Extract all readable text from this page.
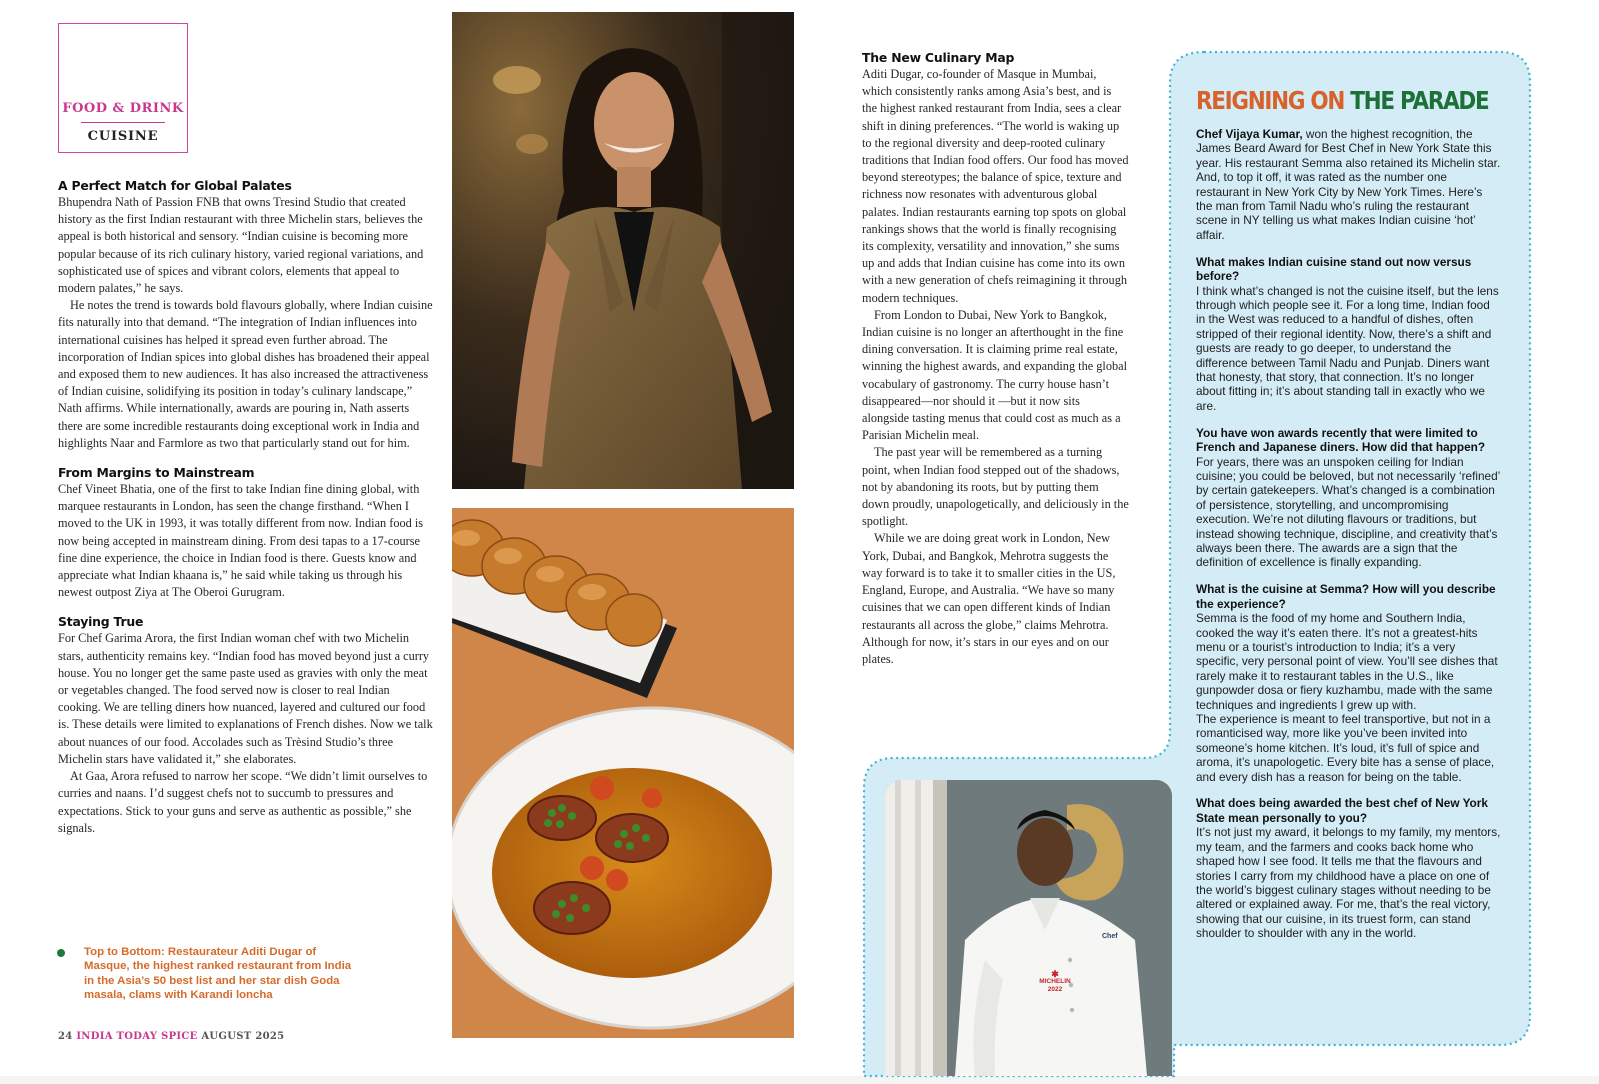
FOOD & DRINK
CUISINE
A Perfect Match for Global Palates

Bhupendra Nath of Passion FNB that owns Tresind Studio that created history as the first Indian restaurant with three Michelin stars, believes the appeal is both historical and sensory. “Indian cuisine is becoming more popular because of its rich culinary history, varied regional variations, and sophisticated use of spices and vibrant colors, elements that appeal to modern palates,” he says.

He notes the trend is towards bold flavours globally, where Indian cuisine fits naturally into that demand. “The integration of Indian influences into international cuisines has helped it spread even further abroad. The incorporation of Indian spices into global dishes has broadened their appeal and exposed them to new audiences. It has also increased the attractiveness of Indian cuisine, solidifying its position in today’s culinary landscape,” Nath affirms. While internationally, awards are pouring in, Nath asserts there are some incredible restaurants doing exceptional work in India and highlights Naar and Farmlore as two that particularly stand out for him.

From Margins to Mainstream

Chef Vineet Bhatia, one of the first to take Indian fine dining global, with marquee restaurants in London, has seen the change firsthand. “When I moved to the UK in 1993, it was totally different from now. Indian food is now being accepted in mainstream dining. From desi tapas to a 17-course fine dine experience, the choice in Indian food is there. Guests know and appreciate what Indian khaana is,” he said while taking us through his newest outpost Ziya at The Oberoi Gurugram.

Staying True

For Chef Garima Arora, the first Indian woman chef with two Michelin stars, authenticity remains key. “Indian food has moved beyond just a curry house. You no longer get the same paste used as gravies with only the meat or vegetables changed. The food served now is closer to real Indian cooking. We are telling diners how nuanced, layered and cultured our food is. These details were limited to explanations of French dishes. Now we talk about nuances of our food. Accolades such as Trèsind Studio’s three Michelin stars have validated it,” she elaborates.

At Gaa, Arora refused to narrow her scope. “We didn’t limit ourselves to curries and naans. I’d suggest chefs not to succumb to pressures and expectations. Stick to your guns and serve as authentic as possible,” she signals.

Top to Bottom: Restaurateur Aditi Dugar of Masque, the highest ranked restaurant from India in the Asia’s 50 best list and her star dish Goda masala, clams with Karandi loncha
24 INDIA TODAY SPICE AUGUST 2025
The New Culinary Map

Aditi Dugar, co-founder of Masque in Mumbai, which consistently ranks among Asia’s best, and is the highest ranked restaurant from India, sees a clear shift in dining preferences. “The world is waking up to the regional diversity and deep-rooted culinary traditions that Indian food offers. Our food has moved beyond stereotypes; the balance of spice, texture and richness now resonates with adventurous global palates. Indian restaurants earning top spots on global rankings shows that the world is finally recognising its complexity, versatility and innovation,” she sums up and adds that Indian cuisine has come into its own with a new generation of chefs reimagining it through modern techniques.

From London to Dubai, New York to Bangkok, Indian cuisine is no longer an afterthought in the fine dining conversation. It is claiming prime real estate, winning the highest awards, and expanding the global vocabulary of gastronomy. The curry house hasn’t disappeared—nor should it —but it now sits alongside tasting menus that could cost as much as a Parisian Michelin meal.

The past year will be remembered as a turning point, when Indian food stepped out of the shadows, not by abandoning its roots, but by putting them down proudly, unapologetically, and deliciously in the spotlight.

While we are doing great work in London, New York, Dubai, and Bangkok, Mehrotra suggests the way forward is to take it to smaller cities in the US, England, Europe, and Australia. “We have so many cuisines that we can open different kinds of Indian restaurants all across the globe,” claims Mehrotra. Although for now, it’s stars in our eyes and on our plates.

✱
MICHELIN
2022
Chef
REIGNING ON THE PARADE

Chef Vijaya Kumar, won the highest recognition, the James Beard Award for Best Chef in New York State this year. His restaurant Semma also retained its Michelin star. And, to top it off, it was rated as the number one restaurant in New York City by New York Times. Here’s the man from Tamil Nadu who’s ruling the restaurant scene in NY telling us what makes Indian cuisine ‘hot’ affair.

What makes Indian cuisine stand out now versus before?

I think what’s changed is not the cuisine itself, but the lens through which people see it. For a long time, Indian food in the West was reduced to a handful of dishes, often stripped of their regional identity. Now, there’s a shift and guests are ready to go deeper, to understand the difference between Tamil Nadu and Punjab. Diners want that honesty, that story, that connection. It’s no longer about fitting in; it’s about standing tall in exactly who we are.

You have won awards recently that were limited to French and Japanese diners. How did that happen?

For years, there was an unspoken ceiling for Indian cuisine; you could be beloved, but not necessarily ‘refined’ by certain gatekeepers. What’s changed is a combination of persistence, storytelling, and uncompromising execution. We’re not diluting flavours or traditions, but instead showing technique, discipline, and creativity that’s always been there. The awards are a sign that the definition of excellence is finally expanding.

What is the cuisine at Semma? How will you describe the experience?

Semma is the food of my home and Southern India, cooked the way it’s eaten there. It’s not a greatest-hits menu or a tourist’s introduction to India; it’s a very specific, very personal point of view. You’ll see dishes that rarely make it to restaurant tables in the U.S., like gunpowder dosa or fiery kuzhambu, made with the same techniques and ingredients I grew up with.

The experience is meant to feel transportive, but not in a romanticised way, more like you’ve been invited into someone’s home kitchen. It’s loud, it’s full of spice and aroma, it’s unapologetic. Every bite has a sense of place, and every dish has a reason for being on the table.

What does being awarded the best chef of New York State mean personally to you?

It’s not just my award, it belongs to my family, my mentors, my team, and the farmers and cooks back home who shaped how I see food. It tells me that the flavours and stories I carry from my childhood have a place on one of the world’s biggest culinary stages without needing to be altered or explained away. For me, that’s the real victory, showing that our cuisine, in its truest form, can stand shoulder to shoulder with any in the world.
